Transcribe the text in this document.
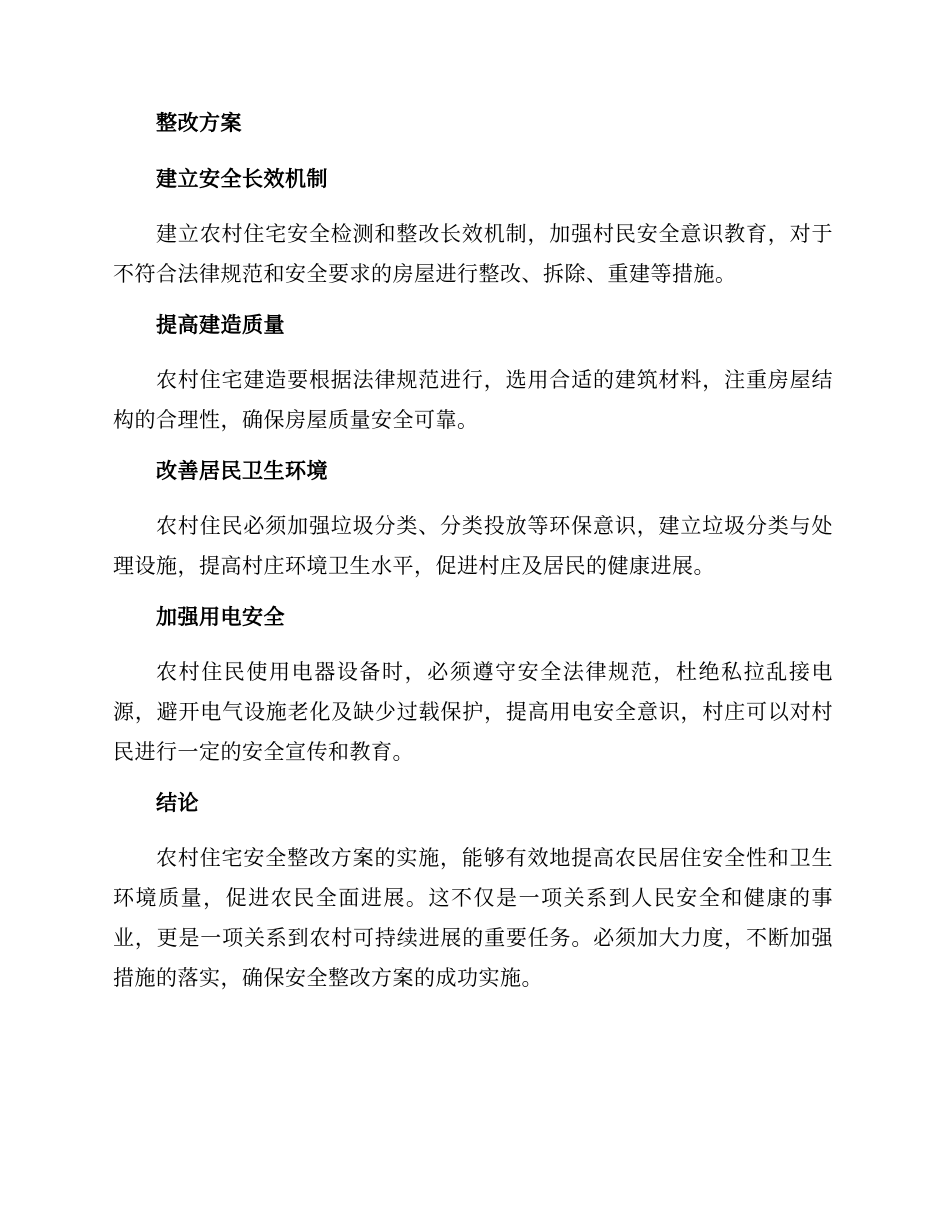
整改方案

建立安全长效机制

建立农村住宅安全检测和整改长效机制，加强村民安全意识教育，对于不符合法律规范和安全要求的房屋进行整改、拆除、重建等措施。

提高建造质量

农村住宅建造要根据法律规范进行，选用合适的建筑材料，注重房屋结构的合理性，确保房屋质量安全可靠。

改善居民卫生环境

农村住民必须加强垃圾分类、分类投放等环保意识，建立垃圾分类与处理设施，提高村庄环境卫生水平，促进村庄及居民的健康进展。

加强用电安全

农村住民使用电器设备时，必须遵守安全法律规范，杜绝私拉乱接电源，避开电气设施老化及缺少过载保护，提高用电安全意识，村庄可以对村民进行一定的安全宣传和教育。

结论

农村住宅安全整改方案的实施，能够有效地提高农民居住安全性和卫生环境质量，促进农民全面进展。这不仅是一项关系到人民安全和健康的事业，更是一项关系到农村可持续进展的重要任务。必须加大力度，不断加强措施的落实，确保安全整改方案的成功实施。
